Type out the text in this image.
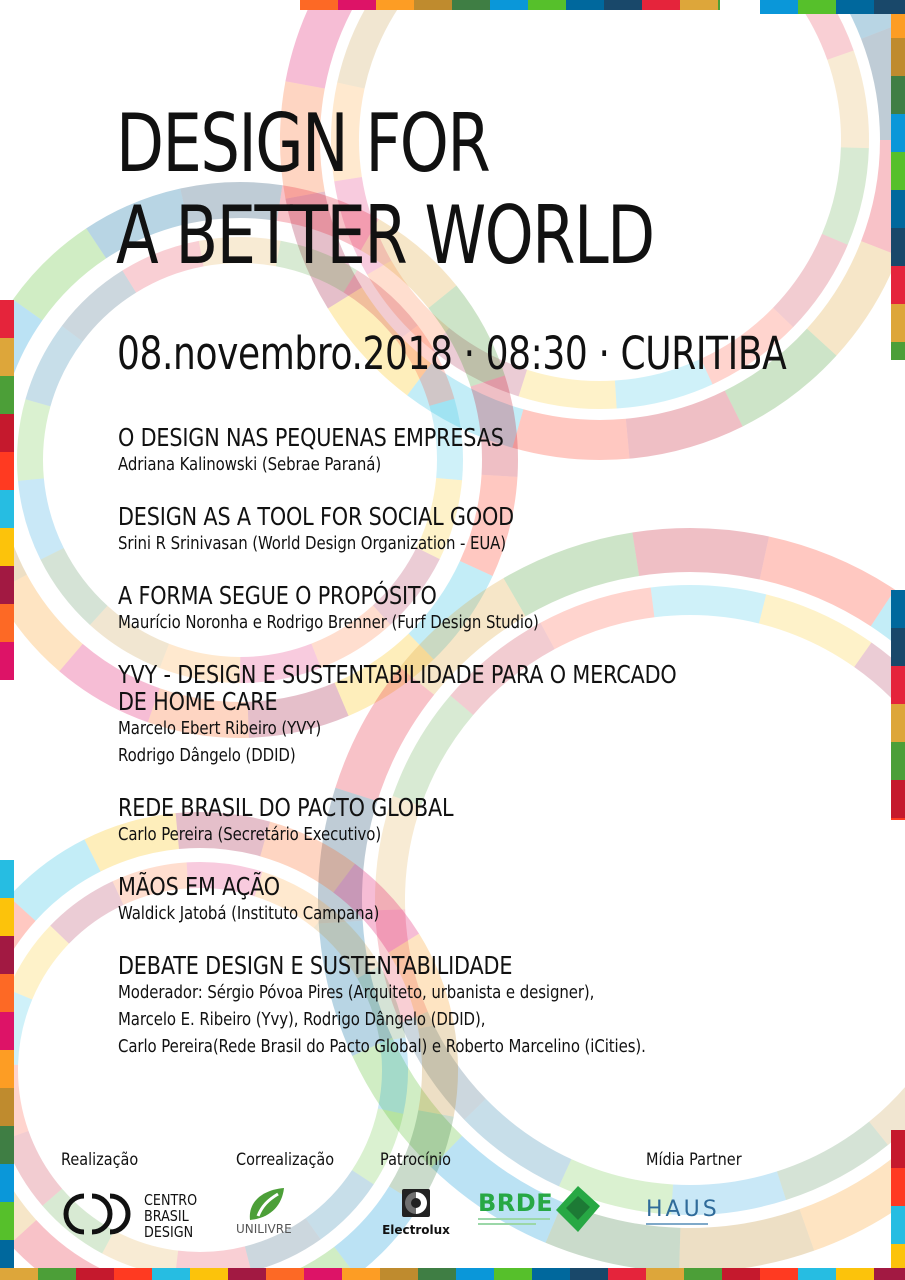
DESIGN FOR
A BETTER WORLD
08.novembro.2018 · 08:30 · CURITIBA
O DESIGN NAS PEQUENAS EMPRESAS
Adriana Kalinowski (Sebrae Paraná)
DESIGN AS A TOOL FOR SOCIAL GOOD
Srini R Srinivasan (World Design Organization - EUA)
A FORMA SEGUE O PROPÓSITO
Maurício Noronha e Rodrigo Brenner (Furf Design Studio)
YVY - DESIGN E SUSTENTABILIDADE PARA O MERCADO DE HOME CARE
Marcelo Ebert Ribeiro (YVY)
Rodrigo Dângelo (DDID)
REDE BRASIL DO PACTO GLOBAL
Carlo Pereira (Secretário Executivo)
MÃOS EM AÇÃO
Waldick Jatobá (Instituto Campana)
DEBATE DESIGN E SUSTENTABILIDADE
Moderador: Sérgio Póvoa Pires (Arquiteto, urbanista e designer),
Marcelo E. Ribeiro (Yvy), Rodrigo Dângelo (DDID),
Carlo Pereira(Rede Brasil do Pacto Global) e Roberto Marcelino (iCities).
Realização	Correalização	Patrocínio	Mídia Partner
CENTRO
BRASIL
DESIGN	UNILIVRE	Electrolux
BRDE	HAUS
